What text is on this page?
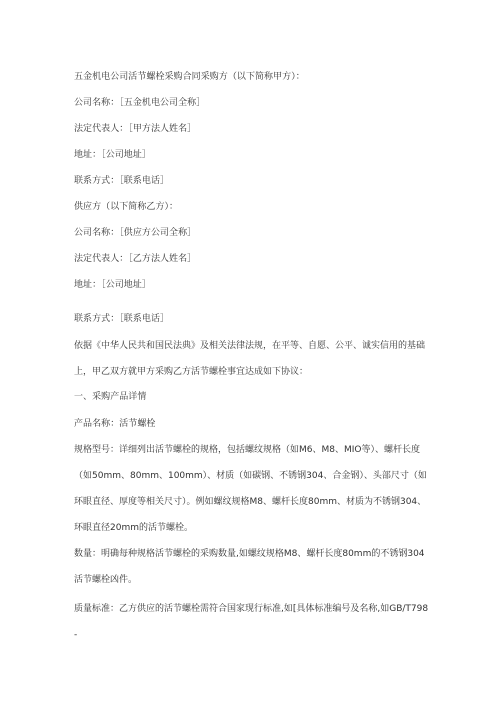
五金机电公司活节螺栓采购合同采购方（以下简称甲方）：
公司名称：［五金机电公司全称］
法定代表人：［甲方法人姓名］
地址：［公司地址］
联系方式：［联系电话］
供应方（以下简称乙方）：
公司名称：［供应方公司全称］
法定代表人：［乙方法人姓名］
地址：［公司地址］
联系方式：［联系电话］
依据《中华人民共和国民法典》及相关法律法规，在平等、自愿、公平、诚实信用的基础上，甲乙双方就甲方采购乙方活节螺栓事宜达成如下协议：
一、采购产品详情
产品名称：活节螺栓
规格型号：详细列出活节螺栓的规格，包括螺纹规格（如M6、M8、MIO等）、螺杆长度（如50mm、80mm、100mm）、材质（如碳钢、不锈钢304、合金钢）、头部尺寸（如环眼直径、厚度等相关尺寸）。例如螺纹规格M8、螺杆长度80mm、材质为不锈钢304、环眼直径20mm的活节螺栓。
数量：明确每种规格活节螺栓的采购数量,如螺纹规格M8、螺杆长度80mm的不锈钢304活节螺栓凶件。
质量标准：乙方供应的活节螺栓需符合国家现行标准,如[具体标准编号及名称,如GB/T798-
